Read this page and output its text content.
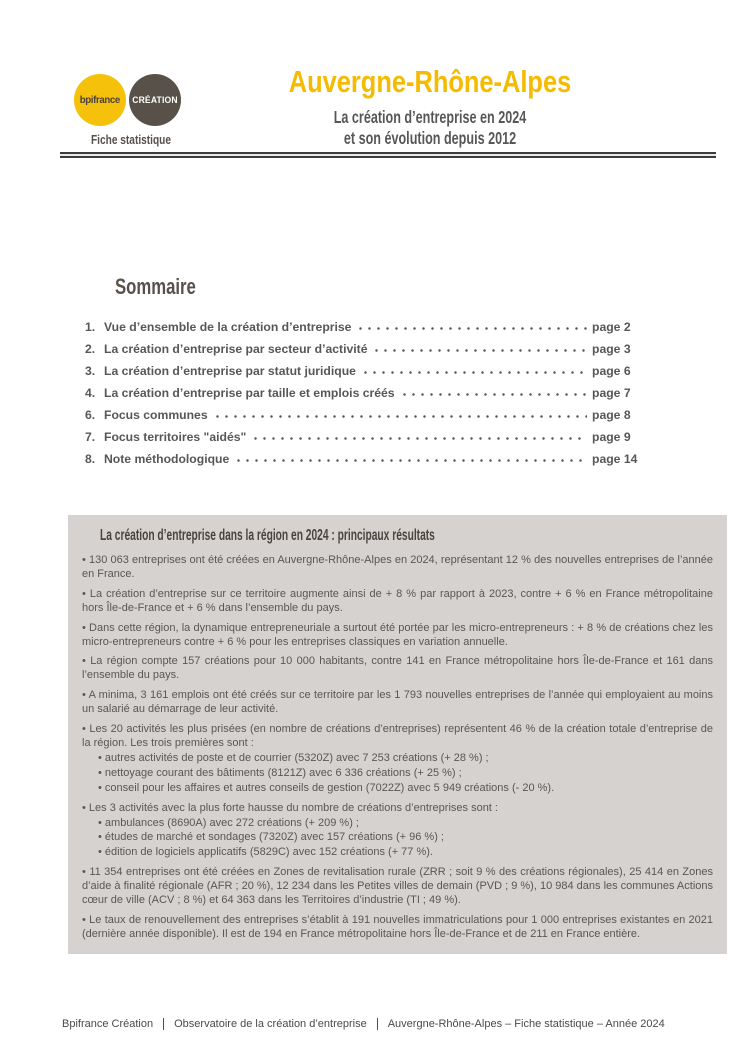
bpifrance CRÉATION
Fiche statistique
Auvergne-Rhône-Alpes
La création d’entreprise en 2024
et son évolution depuis 2012
Sommaire
1. Vue d’ensemble de la création d’entreprise	page 2
2. La création d’entreprise par secteur d’activité	page 3
3. La création d’entreprise par statut juridique	page 6
4. La création d’entreprise par taille et emplois créés	page 7
6. Focus communes	page 8
7. Focus territoires "aidés"	page 9
8. Note méthodologique	page 14
La création d’entreprise dans la région en 2024 : principaux résultats

• 130 063 entreprises ont été créées en Auvergne-Rhône-Alpes en 2024, représentant 12 % des nouvelles entreprises de l’année en France.

• La création d’entreprise sur ce territoire augmente ainsi de + 8 % par rapport à 2023, contre + 6 % en France métropolitaine hors Île-de-France et + 6 % dans l’ensemble du pays.

• Dans cette région, la dynamique entrepreneuriale a surtout été portée par les micro-entrepreneurs : + 8 % de créations chez les micro-entrepreneurs contre + 6 % pour les entreprises classiques en variation annuelle.

• La région compte 157 créations pour 10 000 habitants, contre 141 en France métropolitaine hors Île-de-France et 161 dans l’ensemble du pays.

• A minima, 3 161 emplois ont été créés sur ce territoire par les 1 793 nouvelles entreprises de l’année qui employaient au moins un salarié au démarrage de leur activité.

• Les 20 activités les plus prisées (en nombre de créations d’entreprises) représentent 46 % de la création totale d’entreprise de la région. Les trois premières sont :

• autres activités de poste et de courrier (5320Z) avec 7 253 créations (+ 28 %) ;

• nettoyage courant des bâtiments (8121Z) avec 6 336 créations (+ 25 %) ;

• conseil pour les affaires et autres conseils de gestion (7022Z) avec 5 949 créations (- 20 %).

• Les 3 activités avec la plus forte hausse du nombre de créations d’entreprises sont :

• ambulances (8690A) avec 272 créations (+ 209 %) ;

• études de marché et sondages (7320Z) avec 157 créations (+ 96 %) ;

• édition de logiciels applicatifs (5829C) avec 152 créations (+ 77 %).

• 11 354 entreprises ont été créées en Zones de revitalisation rurale (ZRR ; soit 9 % des créations régionales), 25 414 en Zones d’aide à finalité régionale (AFR ; 20 %), 12 234 dans les Petites villes de demain (PVD ; 9 %), 10 984 dans les communes Actions cœur de ville (ACV ; 8 %) et 64 363 dans les Territoires d’industrie (TI ; 49 %).

• Le taux de renouvellement des entreprises s’établit à 191 nouvelles immatriculations pour 1 000 entreprises existantes en 2021 (dernière année disponible). Il est de 194 en France métropolitaine hors Île-de-France et de 211 en France entière.

Bpifrance Création Observatoire de la création d’entreprise Auvergne-Rhône-Alpes – Fiche statistique – Année 2024
